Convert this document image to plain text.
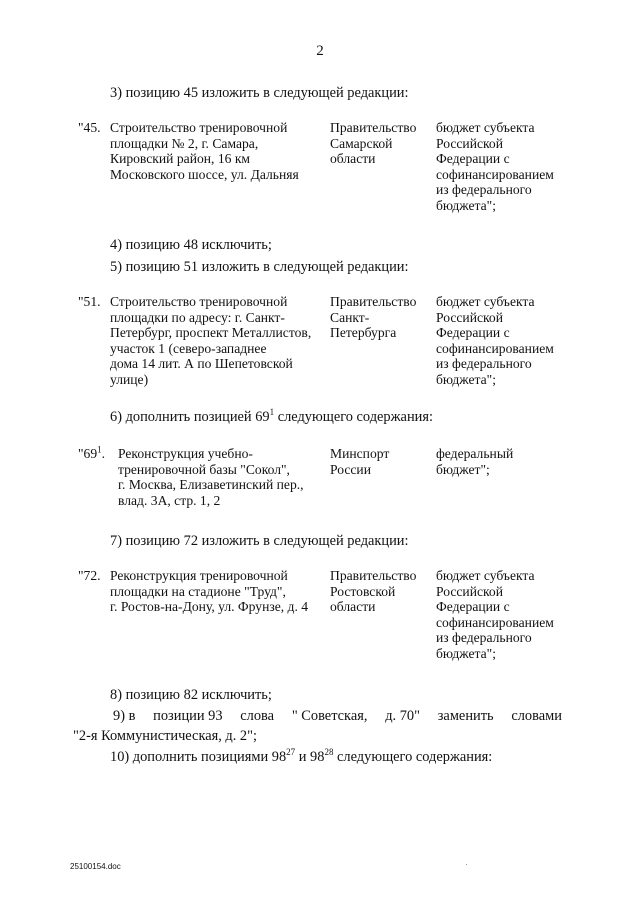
2
3) позицию 45 изложить в следующей редакции:
"45. Строительство тренировочной
площадки № 2, г. Самара,
Кировский район, 16 км
Московского шоссе, ул. Дальняя
Правительство
Самарской
области
бюджет субъекта
Российской
Федерации с
софинансированием
из федерального
бюджета";
4) позицию 48 исключить;
5) позицию 51 изложить в следующей редакции:
"51. Строительство тренировочной
площадки по адресу: г. Санкт-
Петербург, проспект Металлистов,
участок 1 (северо-западнее
дома 14 лит. А по Шепетовской
улице)
Правительство
Санкт-
Петербурга
бюджет субъекта
Российской
Федерации с
софинансированием
из федерального
бюджета";
6) дополнить позицией $69^1$ следующего содержания:
"$69^1$. Реконструкция учебно-
тренировочной базы "Сокол",
г. Москва, Елизаветинский пер.,
влад. 3А, стр. 1, 2
Минспорт
России
федеральный
бюджет";
7) позицию 72 изложить в следующей редакции:
"72. Реконструкция тренировочной
площадки на стадионе "Труд",
г. Ростов-на-Дону, ул. Фрунзе, д. 4
Правительство
Ростовской
области
бюджет субъекта
Российской
Федерации с
софинансированием
из федерального
бюджета";
8) позицию 82 исключить;
9) в позиции 93 слова " Советская, д. 70" заменить словами
"2-я Коммунистическая, д. 2";
10) дополнить позициями $98^{27}$ и $98^{28}$ следующего содержания:
25100154.doc
